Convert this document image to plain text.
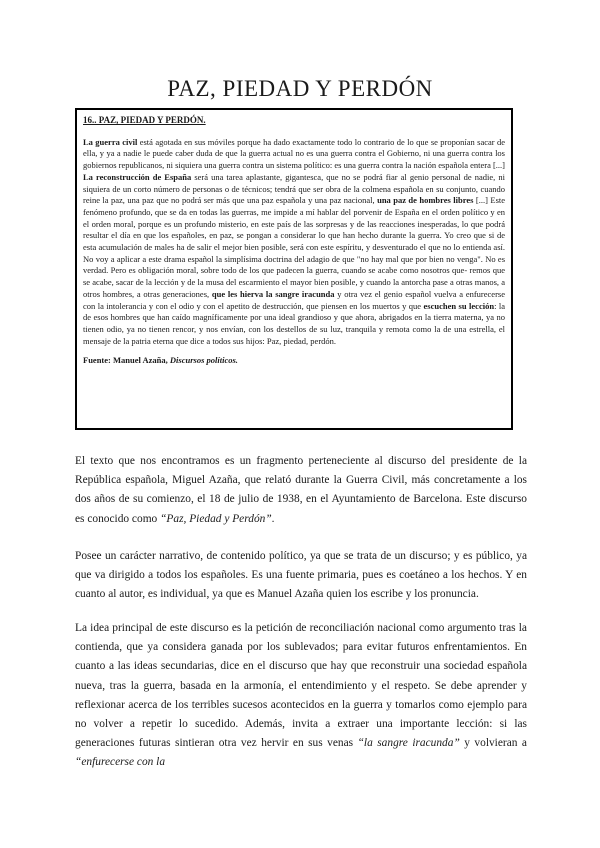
PAZ, PIEDAD Y PERDÓN

16.. PAZ, PIEDAD Y PERDÓN.

La guerra civil está agotada en sus móviles porque ha dado exactamente todo lo contrario de lo que se proponían sacar de ella, y ya a nadie le puede caber duda de que la guerra actual no es una guerra contra el Gobierno, ni una guerra contra los gobiernos republicanos, ni siquiera una guerra contra un sistema político: es una guerra contra la nación española entera [...] La reconstrucción de España será una tarea aplastante, gigantesca, que no se podrá fiar al genio personal de nadie, ni siquiera de un corto número de personas o de técnicos; tendrá que ser obra de la colmena española en su conjunto, cuando reine la paz, una paz que no podrá ser más que una paz española y una paz nacional, una paz de hombres libres [...] Este fenómeno profundo, que se da en todas las guerras, me impide a mí hablar del porvenir de España en el orden político y en el orden moral, porque es un profundo misterio, en este país de las sorpresas y de las reacciones inesperadas, lo que podrá resultar el día en que los españoles, en paz, se pongan a considerar lo que han hecho durante la guerra. Yo creo que si de esta acumulación de males ha de salir el mejor bien posible, será con este espíritu, y desventurado el que no lo entienda así. No voy a aplicar a este drama español la simplísima doctrina del adagio de que "no hay mal que por bien no venga". No es verdad. Pero es obligación moral, sobre todo de los que padecen la guerra, cuando se acabe como nosotros que- remos que se acabe, sacar de la lección y de la musa del escarmiento el mayor bien posible, y cuando la antorcha pase a otras manos, a otros hombres, a otras generaciones, que les hierva la sangre iracunda y otra vez el genio español vuelva a enfurecerse con la intolerancia y con el odio y con el apetito de destrucción, que piensen en los muertos y que escuchen su lección: la de esos hombres que han caído magníficamente por una ideal grandioso y que ahora, abrigados en la tierra materna, ya no tienen odio, ya no tienen rencor, y nos envían, con los destellos de su luz, tranquila y remota como la de una estrella, el mensaje de la patria eterna que dice a todos sus hijos: Paz, piedad, perdón.

Fuente: Manuel Azaña, Discursos políticos.

El texto que nos encontramos es un fragmento perteneciente al discurso del presidente de la República española, Miguel Azaña, que relató durante la Guerra Civil, más concretamente a los dos años de su comienzo, el 18 de julio de 1938, en el Ayuntamiento de Barcelona. Este discurso es conocido como “Paz, Piedad y Perdón”.

Posee un carácter narrativo, de contenido político, ya que se trata de un discurso; y es público, ya que va dirigido a todos los españoles. Es una fuente primaria, pues es coetáneo a los hechos. Y en cuanto al autor, es individual, ya que es Manuel Azaña quien los escribe y los pronuncia.

La idea principal de este discurso es la petición de reconciliación nacional como argumento tras la contienda, que ya considera ganada por los sublevados; para evitar futuros enfrentamientos. En cuanto a las ideas secundarias, dice en el discurso que hay que reconstruir una sociedad española nueva, tras la guerra, basada en la armonía, el entendimiento y el respeto. Se debe aprender y reflexionar acerca de los terribles sucesos acontecidos en la guerra y tomarlos como ejemplo para no volver a repetir lo sucedido. Además, invita a extraer una importante lección: si las generaciones futuras sintieran otra vez hervir en sus venas “la sangre iracunda” y volvieran a “enfurecerse con la
